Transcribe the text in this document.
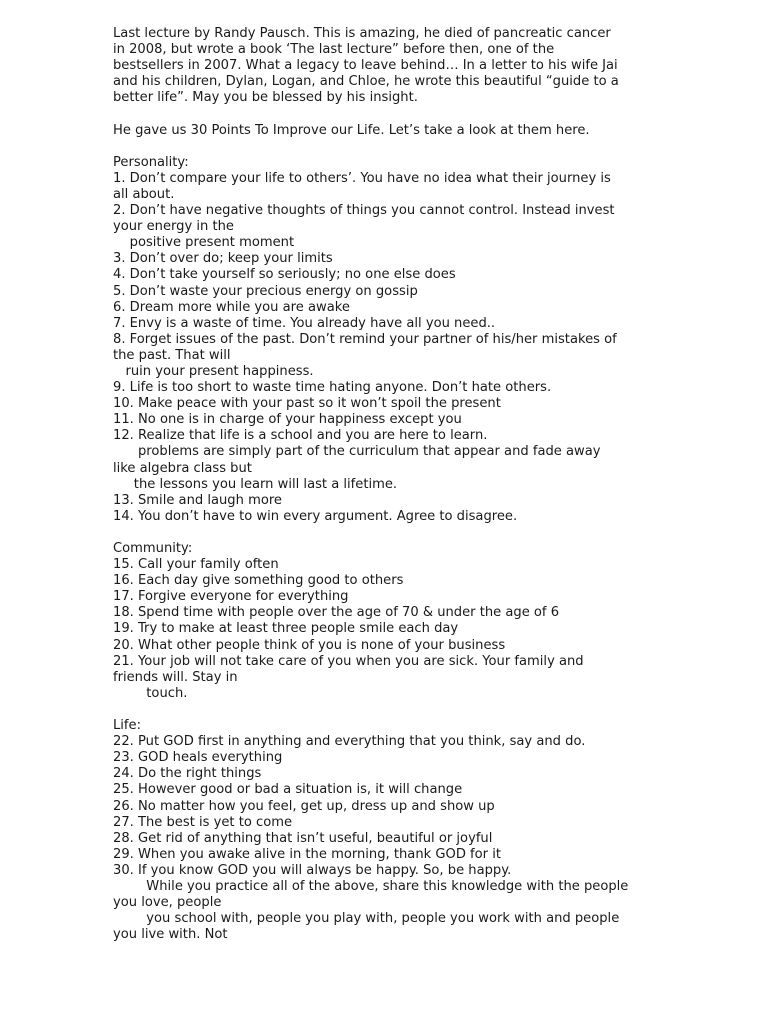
Last lecture by Randy Pausch. This is amazing, he died of pancreatic cancer
in 2008, but wrote a book ‘The last lecture” before then, one of the
bestsellers in 2007. What a legacy to leave behind… In a letter to his wife Jai
and his children, Dylan, Logan, and Chloe, he wrote this beautiful “guide to a
better life”. May you be blessed by his insight.
He gave us 30 Points To Improve our Life. Let’s take a look at them here.
Personality:
1. Don’t compare your life to others’. You have no idea what their journey is
all about.
2. Don’t have negative thoughts of things you cannot control. Instead invest
your energy in the
positive present moment
3. Don’t over do; keep your limits
4. Don’t take yourself so seriously; no one else does
5. Don’t waste your precious energy on gossip
6. Dream more while you are awake
7. Envy is a waste of time. You already have all you need..
8. Forget issues of the past. Don’t remind your partner of his/her mistakes of
the past. That will
ruin your present happiness.
9. Life is too short to waste time hating anyone. Don’t hate others.
10. Make peace with your past so it won’t spoil the present
11. No one is in charge of your happiness except you
12. Realize that life is a school and you are here to learn.
problems are simply part of the curriculum that appear and fade away
like algebra class but
the lessons you learn will last a lifetime.
13. Smile and laugh more
14. You don’t have to win every argument. Agree to disagree.
Community:
15. Call your family often
16. Each day give something good to others
17. Forgive everyone for everything
18. Spend time with people over the age of 70 & under the age of 6
19. Try to make at least three people smile each day
20. What other people think of you is none of your business
21. Your job will not take care of you when you are sick. Your family and
friends will. Stay in
touch.
Life:
22. Put GOD first in anything and everything that you think, say and do.
23. GOD heals everything
24. Do the right things
25. However good or bad a situation is, it will change
26. No matter how you feel, get up, dress up and show up
27. The best is yet to come
28. Get rid of anything that isn’t useful, beautiful or joyful
29. When you awake alive in the morning, thank GOD for it
30. If you know GOD you will always be happy. So, be happy.
While you practice all of the above, share this knowledge with the people
you love, people
you school with, people you play with, people you work with and people
you live with. Not
